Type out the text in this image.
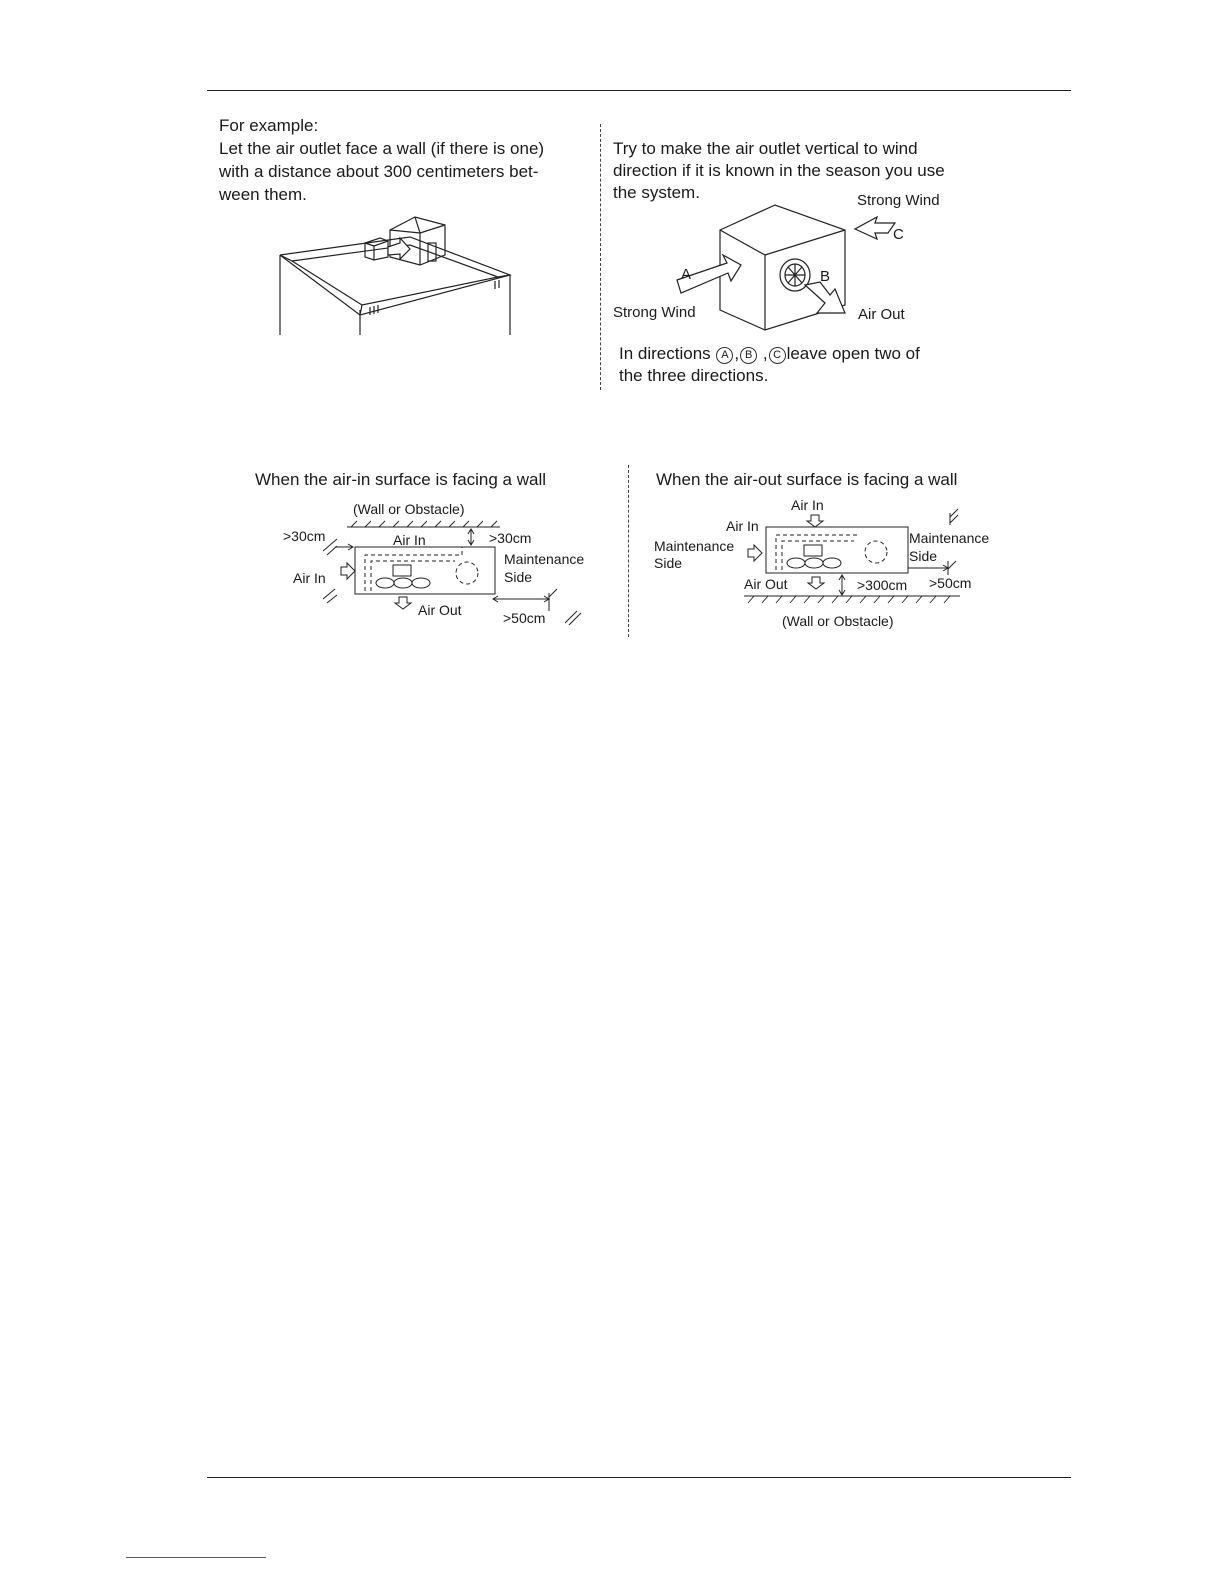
For example:
Let the air outlet face a wall (if there is one)
with a distance about 300 centimeters bet-
ween them.
Try to make the air outlet vertical to wind
direction if it is known in the season you use
the system.	Strong Wind
C
A	B
Strong Wind	Air Out
In directions A , B , C leave open two of
the three directions.
When the air-in surface is facing a wall
(Wall or Obstacle)
>30cm	Air In	>30cm
Maintenance
Side
Air In
Air Out	>50cm
When the air-out surface is facing a wall
Air In
Air In
Maintenance
Side
Maintenance
Side
Air Out	>300cm >50cm
(Wall or Obstacle)
